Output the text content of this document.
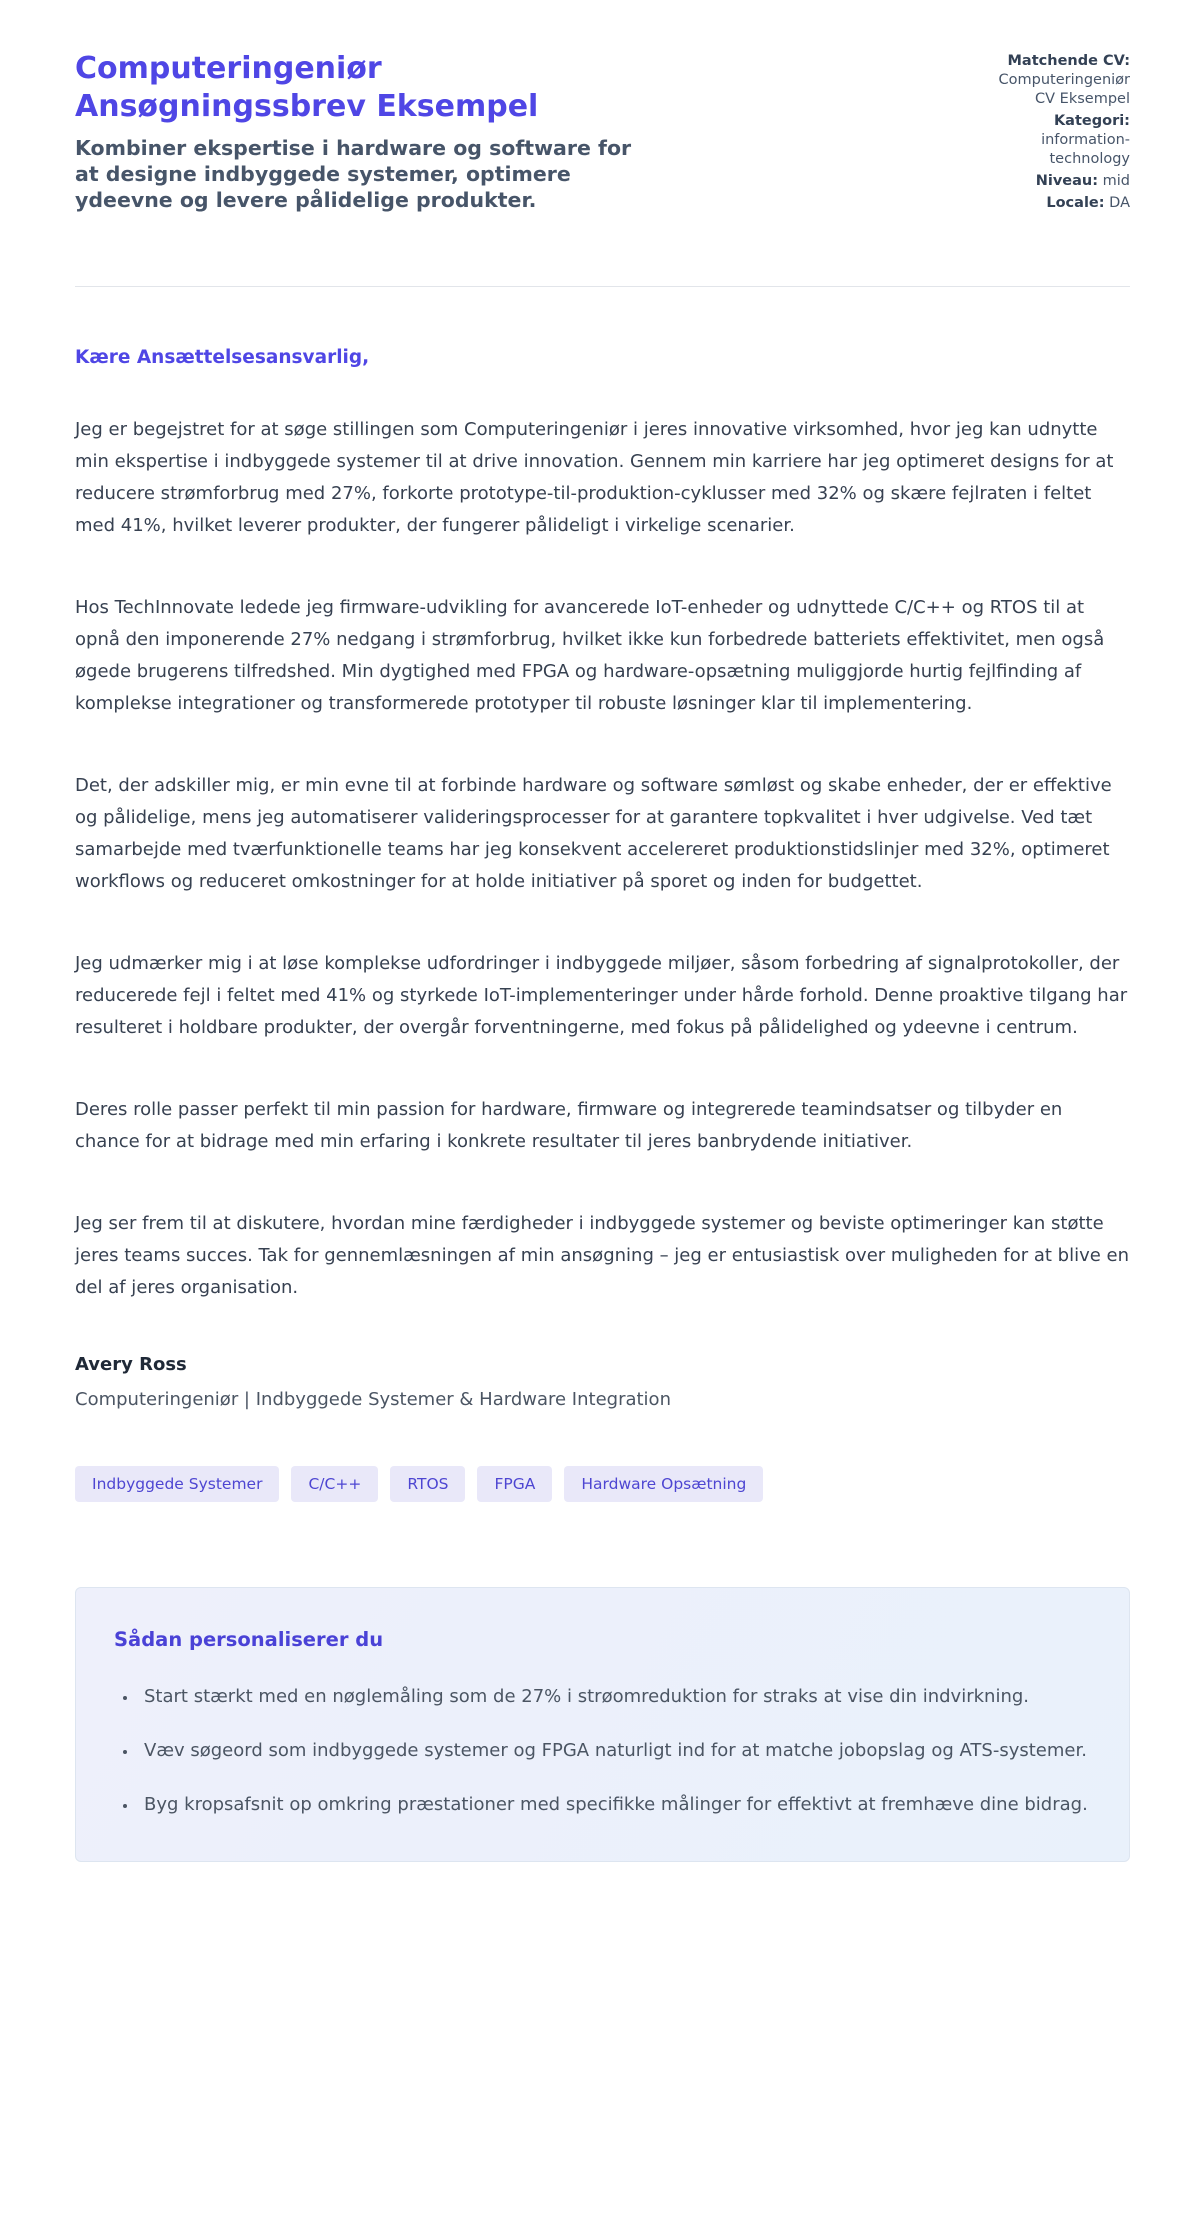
Computeringeniør Ansøgningssbrev Eksempel
Kombiner ekspertise i hardware og software for at designe indbyggede systemer, optimere ydeevne og levere pålidelige produkter.
Matchende CV: Computeringeniør CV Eksempel
Kategori: information-technology
Niveau: mid
Locale: DA
Kære Ansættelsesansvarlig,

Jeg er begejstret for at søge stillingen som Computeringeniør i jeres innovative virksomhed, hvor jeg kan udnytte min ekspertise i indbyggede systemer til at drive innovation. Gennem min karriere har jeg optimeret designs for at reducere strømforbrug med 27%, forkorte prototype-til-produktion-cyklusser med 32% og skære fejlraten i feltet med 41%, hvilket leverer produkter, der fungerer pålideligt i virkelige scenarier.

Hos TechInnovate ledede jeg firmware-udvikling for avancerede IoT-enheder og udnyttede C/C++ og RTOS til at opnå den imponerende 27% nedgang i strømforbrug, hvilket ikke kun forbedrede batteriets effektivitet, men også øgede brugerens tilfredshed. Min dygtighed med FPGA og hardware-opsætning muliggjorde hurtig fejlfinding af komplekse integrationer og transformerede prototyper til robuste løsninger klar til implementering.

Det, der adskiller mig, er min evne til at forbinde hardware og software sømløst og skabe enheder, der er effektive og pålidelige, mens jeg automatiserer valideringsprocesser for at garantere topkvalitet i hver udgivelse. Ved tæt samarbejde med tværfunktionelle teams har jeg konsekvent accelereret produktionstidslinjer med 32%, optimeret workflows og reduceret omkostninger for at holde initiativer på sporet og inden for budgettet.

Jeg udmærker mig i at løse komplekse udfordringer i indbyggede miljøer, såsom forbedring af signalprotokoller, der reducerede fejl i feltet med 41% og styrkede IoT-implementeringer under hårde forhold. Denne proaktive tilgang har resulteret i holdbare produkter, der overgår forventningerne, med fokus på pålidelighed og ydeevne i centrum.

Deres rolle passer perfekt til min passion for hardware, firmware og integrerede teamindsatser og tilbyder en chance for at bidrage med min erfaring i konkrete resultater til jeres banbrydende initiativer.

Jeg ser frem til at diskutere, hvordan mine færdigheder i indbyggede systemer og beviste optimeringer kan støtte jeres teams succes. Tak for gennemlæsningen af min ansøgning – jeg er entusiastisk over muligheden for at blive en del af jeres organisation.

Avery Ross
Computeringeniør | Indbyggede Systemer & Hardware Integration
Indbyggede Systemer	C/C++	RTOS	FPGA	Hardware Opsætning
Sådan personaliserer du
• Start stærkt med en nøglemåling som de 27% i strøomreduktion for straks at vise din indvirkning.
• Væv søgeord som indbyggede systemer og FPGA naturligt ind for at matche jobopslag og ATS-systemer.
• Byg kropsafsnit op omkring præstationer med specifikke målinger for effektivt at fremhæve dine bidrag.
